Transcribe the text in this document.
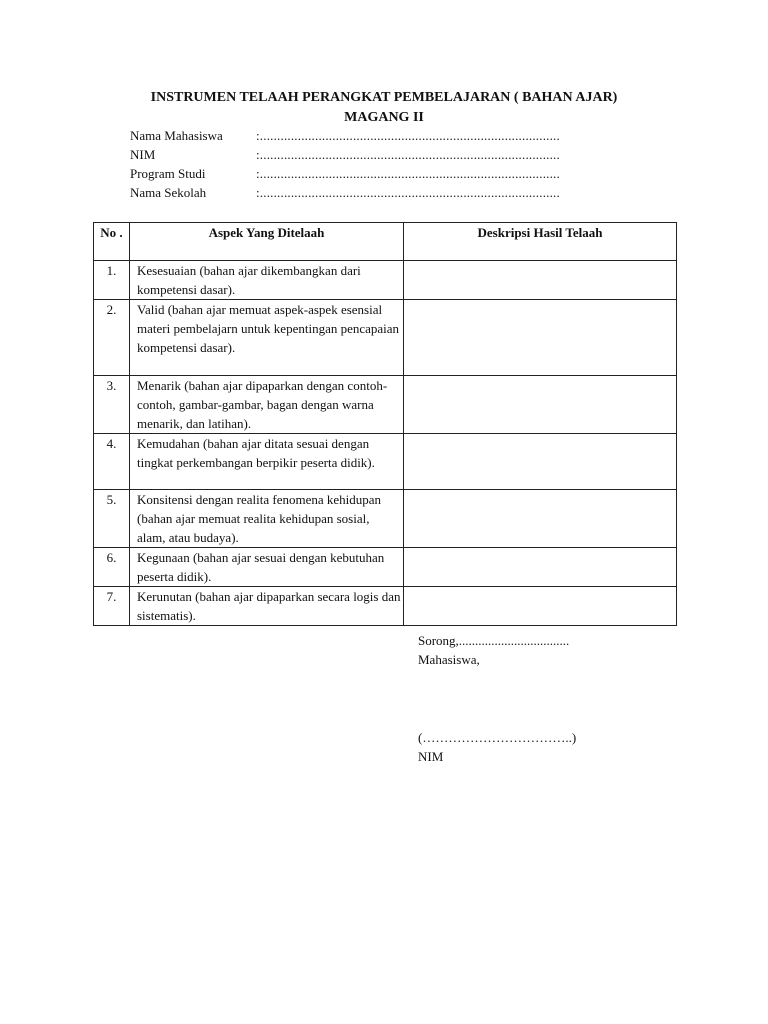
INSTRUMEN TELAAH PERANGKAT PEMBELAJARAN ( BAHAN AJAR)
MAGANG II
Nama Mahasiswa	:.......................................................................................
NIM	:.......................................................................................
Program Studi	:.......................................................................................
Nama Sekolah	:.......................................................................................
No .	Aspek Yang Ditelaah	Deskripsi Hasil Telaah
1.	Kesesuaian (bahan ajar dikembangkan dari kompetensi dasar).	
2.	Valid (bahan ajar memuat aspek-aspek esensial materi pembelajarn untuk kepentingan pencapaian kompetensi dasar).	
3.	Menarik (bahan ajar dipaparkan dengan contoh-contoh, gambar-gambar, bagan dengan warna menarik, dan latihan).	
4.	Kemudahan (bahan ajar ditata sesuai dengan tingkat perkembangan berpikir peserta didik).	
5.	Konsitensi dengan realita fenomena kehidupan (bahan ajar memuat realita kehidupan sosial, alam, atau budaya).	
6.	Kegunaan (bahan ajar sesuai dengan kebutuhan peserta didik).	
7.	Kerunutan (bahan ajar dipaparkan secara logis dan sistematis).	
Sorong,..................................
Mahasiswa,
(……………………………..)
NIM
